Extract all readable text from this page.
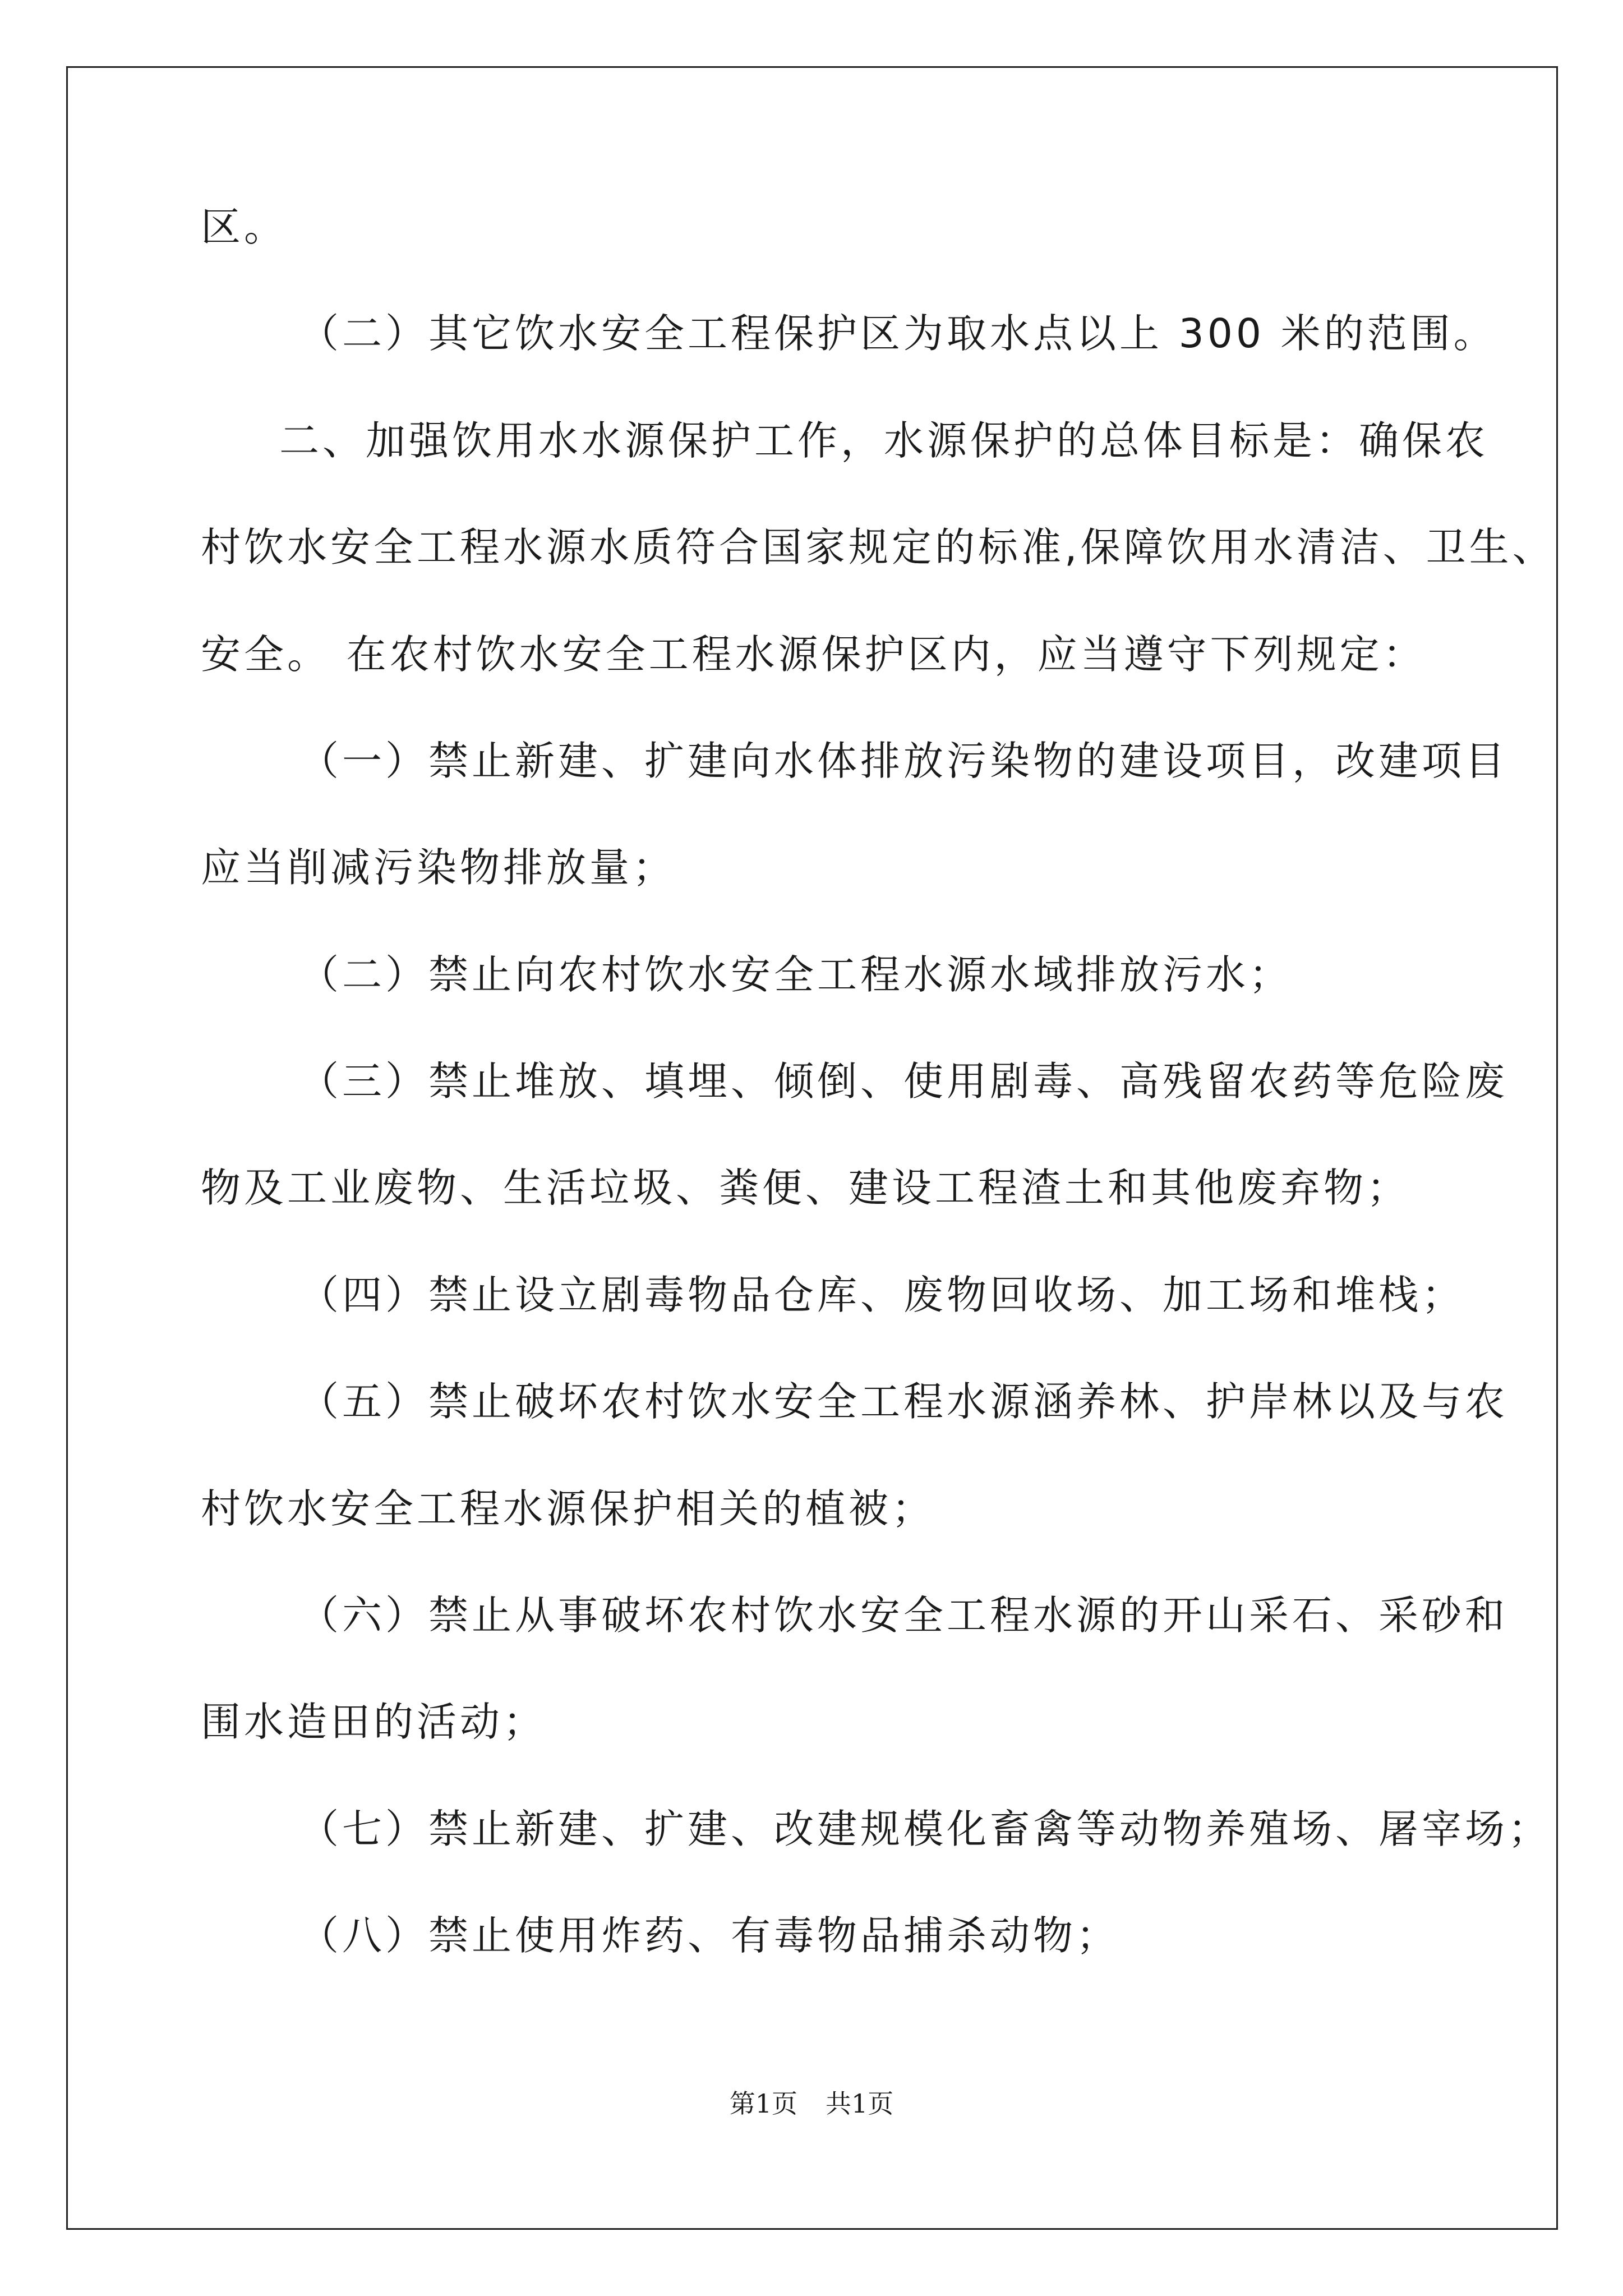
区。
（二）其它饮水安全工程保护区为取水点以上 300 米的范围。
二、加强饮用水水源保护工作，水源保护的总体目标是：确保农
村饮水安全工程水源水质符合国家规定的标准,保障饮用水清洁、卫生、
安全。 在农村饮水安全工程水源保护区内，应当遵守下列规定：
（一）禁止新建、扩建向水体排放污染物的建设项目，改建项目
应当削减污染物排放量；
（二）禁止向农村饮水安全工程水源水域排放污水；
（三）禁止堆放、填埋、倾倒、使用剧毒、高残留农药等危险废
物及工业废物、生活垃圾、粪便、建设工程渣土和其他废弃物；
（四）禁止设立剧毒物品仓库、废物回收场、加工场和堆栈；
（五）禁止破坏农村饮水安全工程水源涵养林、护岸林以及与农
村饮水安全工程水源保护相关的植被；
（六）禁止从事破坏农村饮水安全工程水源的开山采石、采砂和
围水造田的活动；
（七）禁止新建、扩建、改建规模化畜禽等动物养殖场、屠宰场；
（八）禁止使用炸药、有毒物品捕杀动物；
第1页 共1页
